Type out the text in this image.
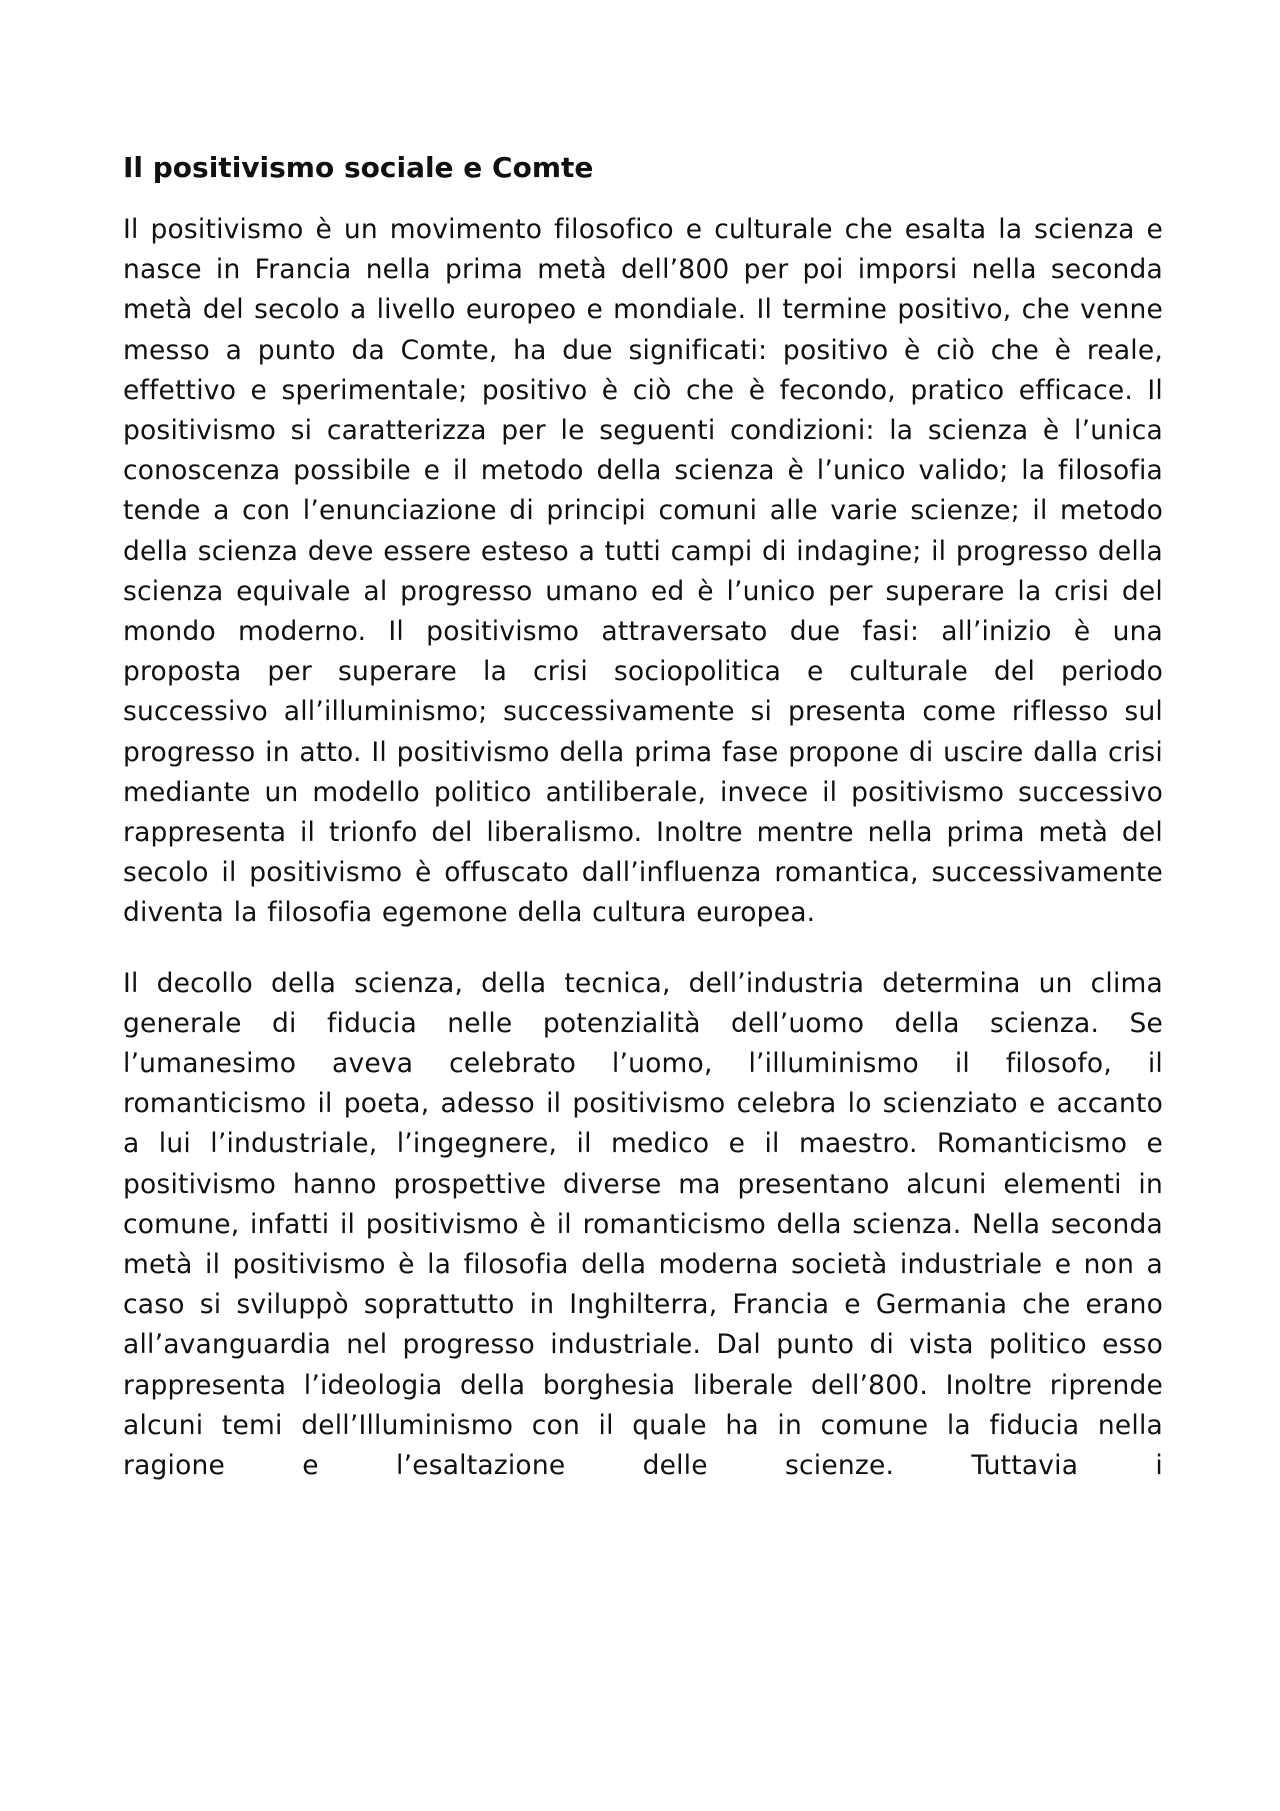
Il positivismo sociale e Comte

Il positivismo è un movimento filosofico e culturale che esalta la scienza e nasce in Francia nella prima metà dell’800 per poi imporsi nella seconda metà del secolo a livello europeo e mondiale. Il termine positivo, che venne messo a punto da Comte, ha due significati: positivo è ciò che è reale, effettivo e sperimentale; positivo è ciò che è fecondo, pratico efficace. Il positivismo si caratterizza per le seguenti condizioni: la scienza è l’unica conoscenza possibile e il metodo della scienza è l’unico valido; la filosofia tende a con l’enunciazione di principi comuni alle varie scienze; il metodo della scienza deve essere esteso a tutti campi di indagine; il progresso della scienza equivale al progresso umano ed è l’unico per superare la crisi del mondo moderno. Il positivismo attraversato due fasi: all’inizio è una proposta per superare la crisi sociopolitica e culturale del periodo successivo all’illuminismo; successivamente si presenta come riflesso sul progresso in atto. Il positivismo della prima fase propone di uscire dalla crisi mediante un modello politico antiliberale, invece il positivismo successivo rappresenta il trionfo del liberalismo. Inoltre mentre nella prima metà del secolo il positivismo è offuscato dall’influenza romantica, successivamente diventa la filosofia egemone della cultura europea.

Il decollo della scienza, della tecnica, dell’industria determina un clima generale di fiducia nelle potenzialità dell’uomo della scienza. Se l’umanesimo aveva celebrato l’uomo, l’illuminismo il filosofo, il romanticismo il poeta, adesso il positivismo celebra lo scienziato e accanto a lui l’industriale, l’ingegnere, il medico e il maestro. Romanticismo e positivismo hanno prospettive diverse ma presentano alcuni elementi in comune, infatti il positivismo è il romanticismo della scienza. Nella seconda metà il positivismo è la filosofia della moderna società industriale e non a caso si sviluppò soprattutto in Inghilterra, Francia e Germania che erano all’avanguardia nel progresso industriale. Dal punto di vista politico esso rappresenta l’ideologia della borghesia liberale dell’800. Inoltre riprende alcuni temi dell’Illuminismo con il quale ha in comune la fiducia nella ragione e l’esaltazione delle scienze. Tuttavia i
